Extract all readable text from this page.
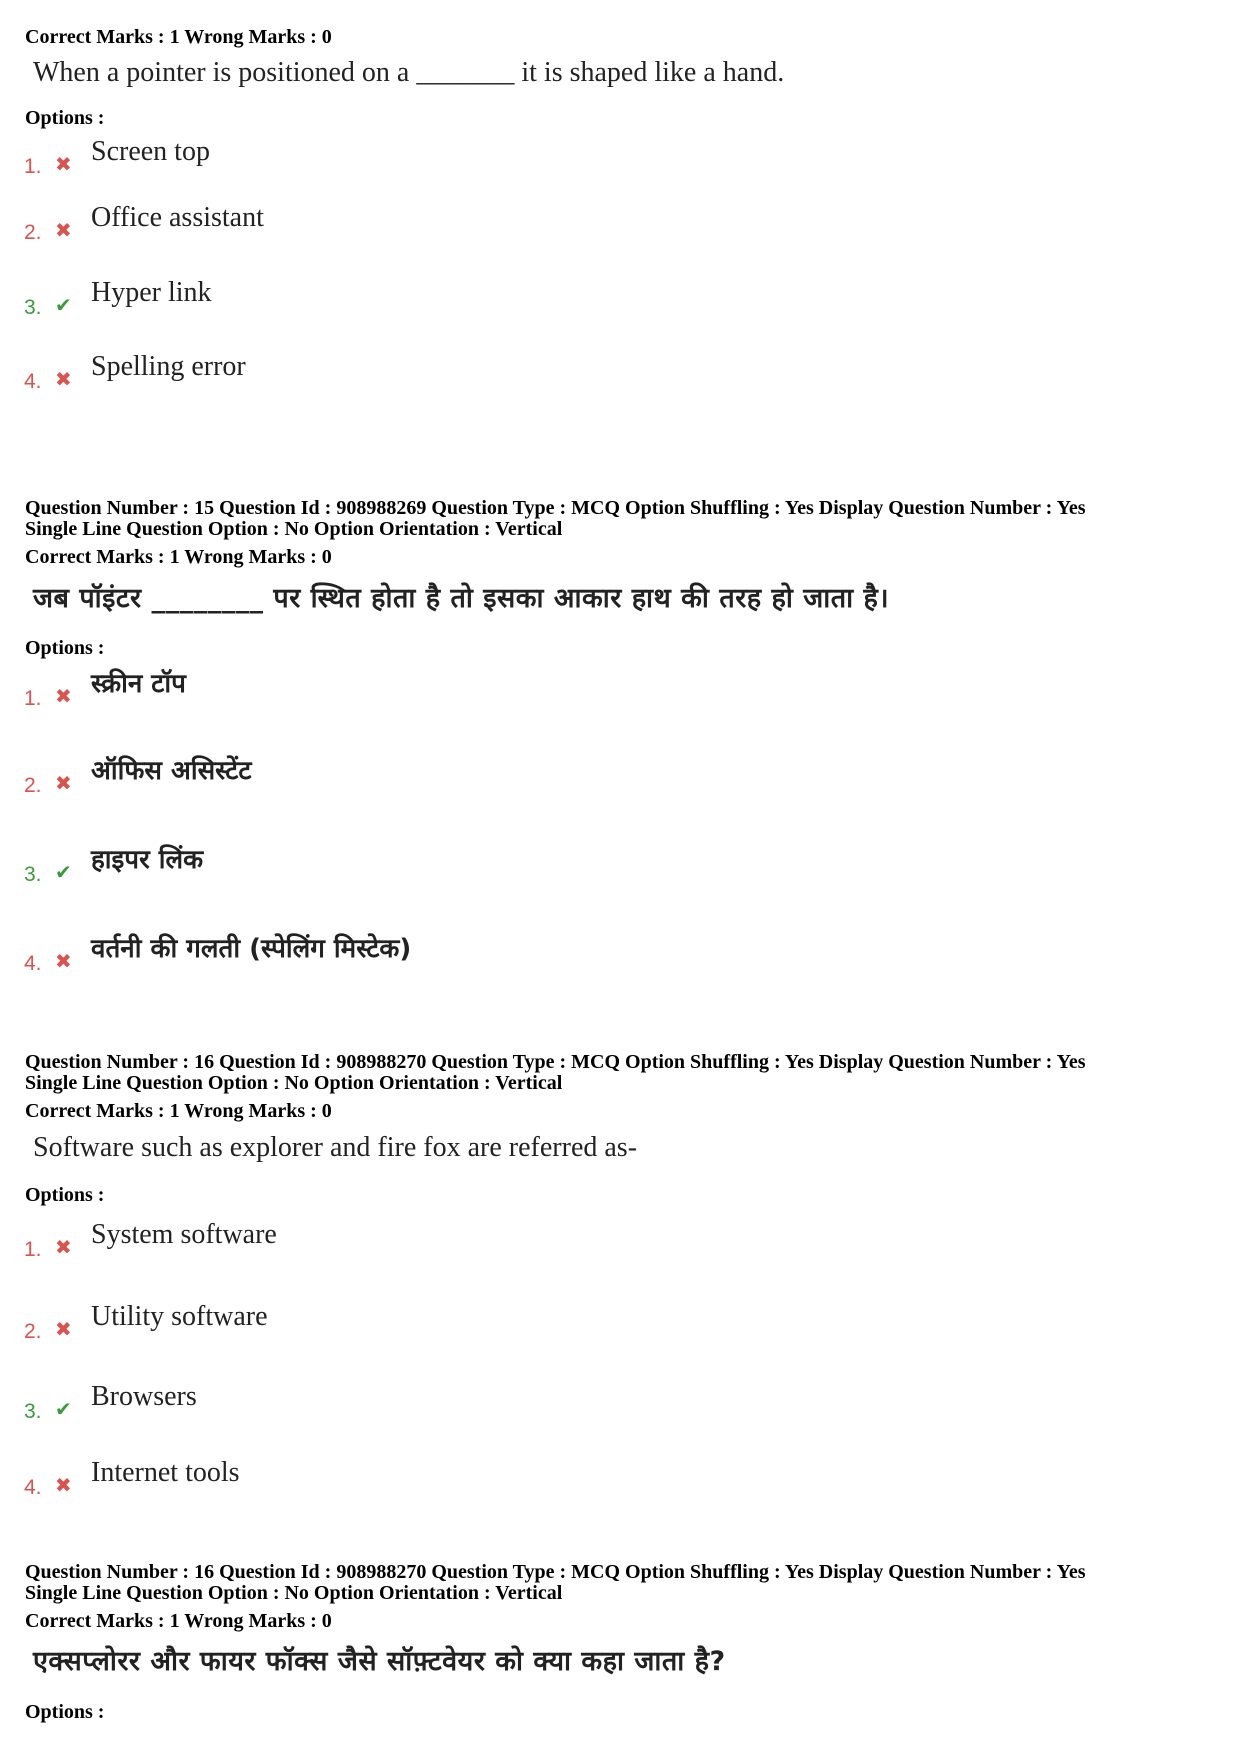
Correct Marks : 1 Wrong Marks : 0
When a pointer is positioned on a _______ it is shaped like a hand.
Options :
1. ✖ Screen top
2. ✖ Office assistant
3. ✔ Hyper link
4. ✖ Spelling error
Question Number : 15 Question Id : 908988269 Question Type : MCQ Option Shuffling : Yes Display Question Number : Yes
Single Line Question Option : No Option Orientation : Vertical
Correct Marks : 1 Wrong Marks : 0
जब पॉइंटर ________ पर स्थित होता है तो इसका आकार हाथ की तरह हो जाता है।
Options :
1. ✖ स्क्रीन टॉप
2. ✖ ऑफिस असिस्टेंट
3. ✔ हाइपर लिंक
4. ✖ वर्तनी की गलती (स्पेलिंग मिस्टेक)
Question Number : 16 Question Id : 908988270 Question Type : MCQ Option Shuffling : Yes Display Question Number : Yes
Single Line Question Option : No Option Orientation : Vertical
Correct Marks : 1 Wrong Marks : 0
Software such as explorer and fire fox are referred as-
Options :
1. ✖ System software
2. ✖ Utility software
3. ✔ Browsers
4. ✖ Internet tools
Question Number : 16 Question Id : 908988270 Question Type : MCQ Option Shuffling : Yes Display Question Number : Yes
Single Line Question Option : No Option Orientation : Vertical
Correct Marks : 1 Wrong Marks : 0
एक्सप्लोरर और फायर फॉक्स जैसे सॉफ़्टवेयर को क्या कहा जाता है?
Options :
